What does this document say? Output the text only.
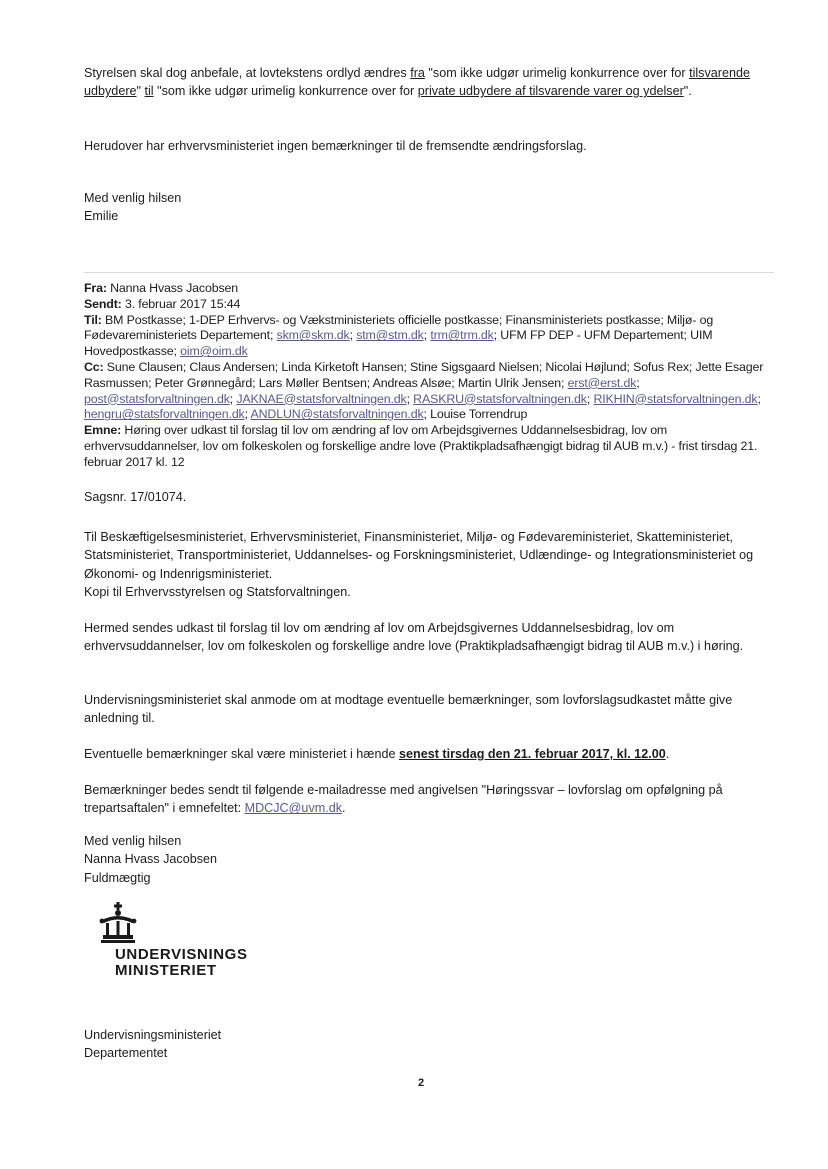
Styrelsen skal dog anbefale, at lovtekstens ordlyd ændres fra "som ikke udgør urimelig konkurrence over for tilsvarende udbydere" til "som ikke udgør urimelig konkurrence over for private udbydere af tilsvarende varer og ydelser".

Herudover har erhvervsministeriet ingen bemærkninger til de fremsendte ændringsforslag.

Med venlig hilsen

Emilie

Fra: Nanna Hvass Jacobsen

Sendt: 3. februar 2017 15:44

Til: BM Postkasse; 1-DEP Erhvervs- og Vækstministeriets officielle postkasse; Finansministeriets postkasse; Miljø- og Fødevareministeriets Departement; skm@skm.dk; stm@stm.dk; trm@trm.dk; UFM FP DEP - UFM Departement; UIM Hovedpostkasse; oim@oim.dk

Cc: Sune Clausen; Claus Andersen; Linda Kirketoft Hansen; Stine Sigsgaard Nielsen; Nicolai Højlund; Sofus Rex; Jette Esager Rasmussen; Peter Grønnegård; Lars Møller Bentsen; Andreas Alsøe; Martin Ulrik Jensen; erst@erst.dk; post@statsforvaltningen.dk; JAKNAE@statsforvaltningen.dk; RASKRU@statsforvaltningen.dk; RIKHIN@statsforvaltningen.dk; hengru@statsforvaltningen.dk; ANDLUN@statsforvaltningen.dk; Louise Torrendrup

Emne: Høring over udkast til forslag til lov om ændring af lov om Arbejdsgivernes Uddannelsesbidrag, lov om erhvervsuddannelser, lov om folkeskolen og forskellige andre love (Praktikpladsafhængigt bidrag til AUB m.v.) - frist tirsdag 21. februar 2017 kl. 12

Sagsnr. 17/01074.

Til Beskæftigelsesministeriet, Erhvervsministeriet, Finansministeriet, Miljø- og Fødevareministeriet, Skatteministeriet, Statsministeriet, Transportministeriet, Uddannelses- og Forskningsministeriet, Udlændinge- og Integrationsministeriet og Økonomi- og Indenrigsministeriet.

Kopi til Erhvervsstyrelsen og Statsforvaltningen.

Hermed sendes udkast til forslag til lov om ændring af lov om Arbejdsgivernes Uddannelsesbidrag, lov om erhvervsuddannelser, lov om folkeskolen og forskellige andre love (Praktikpladsafhængigt bidrag til AUB m.v.) i høring.

Undervisningsministeriet skal anmode om at modtage eventuelle bemærkninger, som lovforslagsudkastet måtte give anledning til.

Eventuelle bemærkninger skal være ministeriet i hænde senest tirsdag den 21. februar 2017, kl. 12.00.

Bemærkninger bedes sendt til følgende e-mailadresse med angivelsen "Høringssvar – lovforslag om opfølgning på trepartsaftalen" i emnefeltet: MDCJC@uvm.dk.

Med venlig hilsen

Nanna Hvass Jacobsen

Fuldmægtig

UNDERVISNINGS
MINISTERIET

Undervisningsministeriet

Departementet

2
